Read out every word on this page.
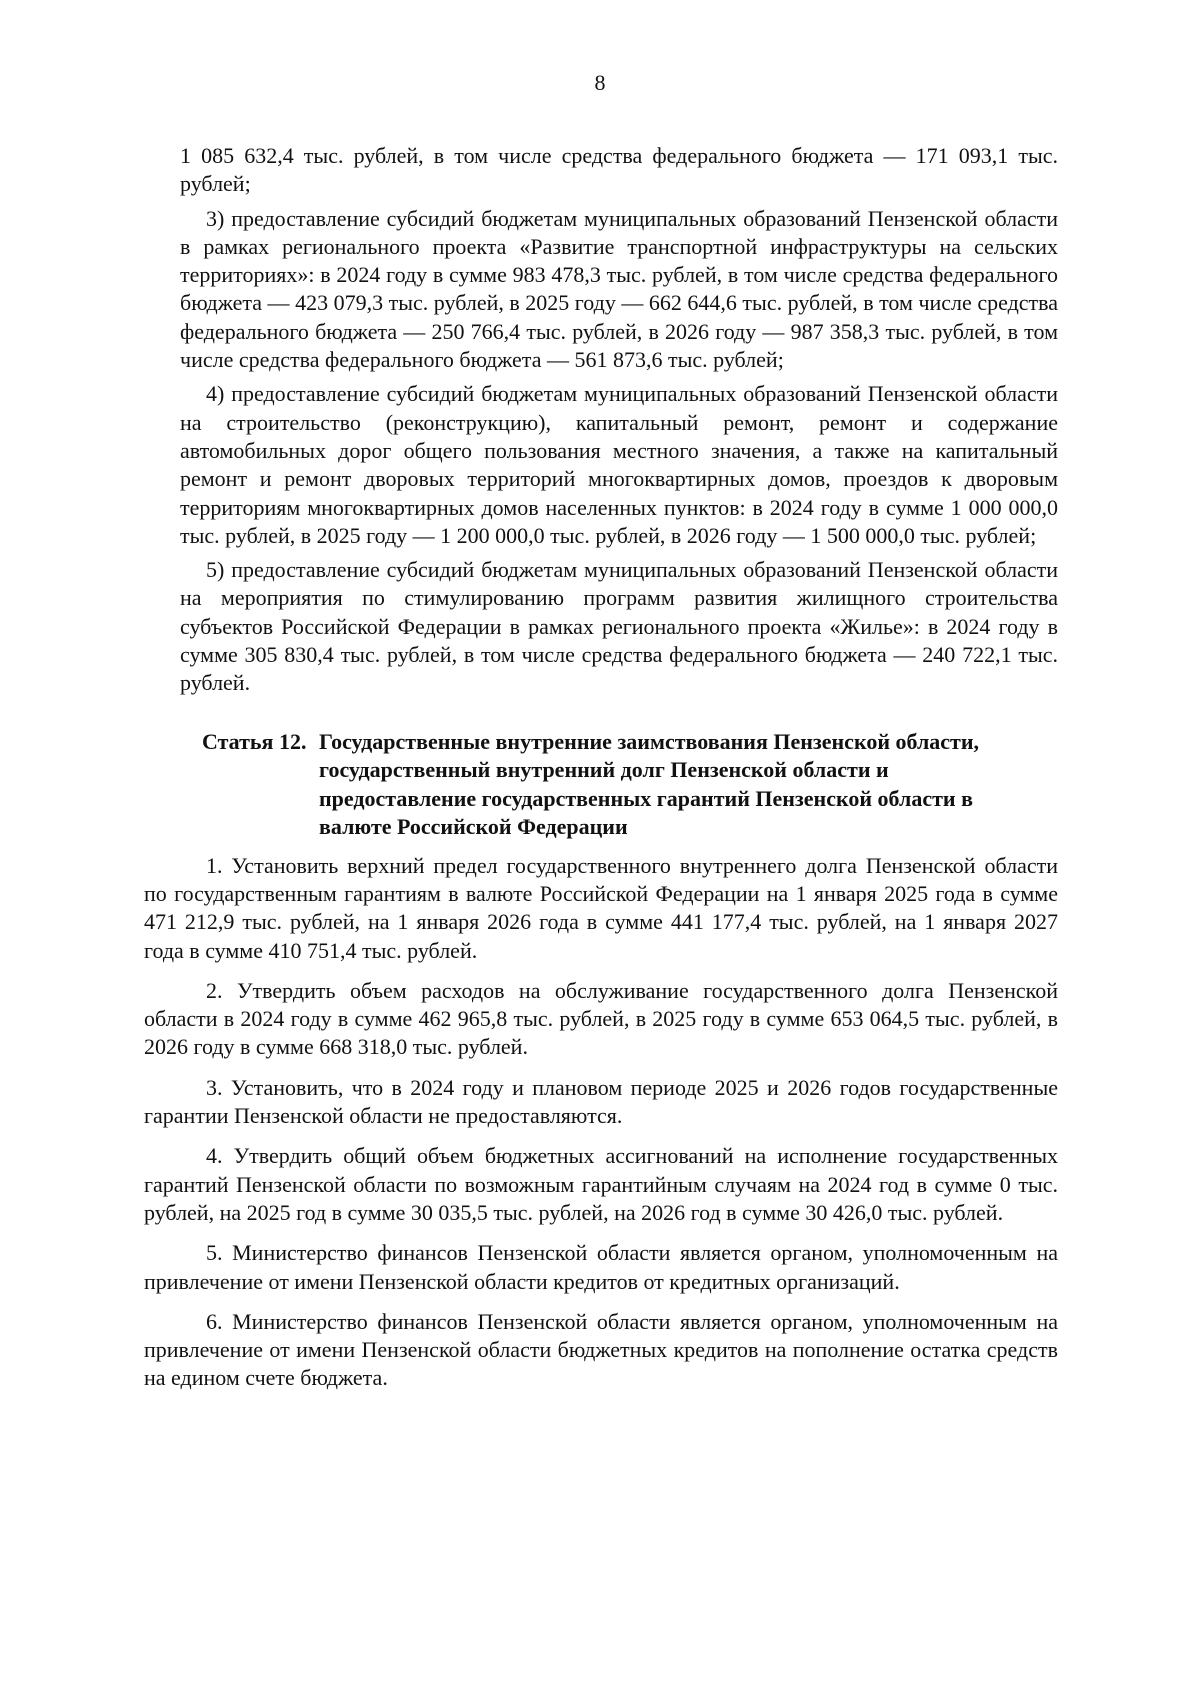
8

1 085 632,4 тыс. рублей, в том числе средства федерального бюджета — 171 093,1 тыс. рублей;

3) предоставление субсидий бюджетам муниципальных образований Пензенской области в рамках регионального проекта «Развитие транспортной инфраструктуры на сельских территориях»: в 2024 году в сумме 983 478,3 тыс. рублей, в том числе средства федерального бюджета — 423 079,3 тыс. рублей, в 2025 году — 662 644,6 тыс. рублей, в том числе средства федерального бюджета — 250 766,4 тыс. рублей, в 2026 году — 987 358,3 тыс. рублей, в том числе средства федерального бюджета — 561 873,6 тыс. рублей;

4) предоставление субсидий бюджетам муниципальных образований Пензенской области на строительство (реконструкцию), капитальный ремонт, ремонт и содержание автомобильных дорог общего пользования местного значения, а также на капитальный ремонт и ремонт дворовых территорий многоквартирных домов, проездов к дворовым территориям многоквартирных домов населенных пунктов: в 2024 году в сумме 1 000 000,0 тыс. рублей, в 2025 году — 1 200 000,0 тыс. рублей, в 2026 году — 1 500 000,0 тыс. рублей;

5) предоставление субсидий бюджетам муниципальных образований Пензенской области на мероприятия по стимулированию программ развития жилищного строительства субъектов Российской Федерации в рамках регионального проекта «Жилье»: в 2024 году в сумме 305 830,4 тыс. рублей, в том числе средства федерального бюджета — 240 722,1 тыс. рублей.

Статья 12. Государственные внутренние заимствования Пензенской области, государственный внутренний долг Пензенской области и предоставление государственных гарантий Пензенской области в валюте Российской Федерации

1. Установить верхний предел государственного внутреннего долга Пензенской области по государственным гарантиям в валюте Российской Федерации на 1 января 2025 года в сумме 471 212,9 тыс. рублей, на 1 января 2026 года в сумме 441 177,4 тыс. рублей, на 1 января 2027 года в сумме 410 751,4 тыс. рублей.

2. Утвердить объем расходов на обслуживание государственного долга Пензенской области в 2024 году в сумме 462 965,8 тыс. рублей, в 2025 году в сумме 653 064,5 тыс. рублей, в 2026 году в сумме 668 318,0 тыс. рублей.

3. Установить, что в 2024 году и плановом периоде 2025 и 2026 годов государственные гарантии Пензенской области не предоставляются.

4. Утвердить общий объем бюджетных ассигнований на исполнение государственных гарантий Пензенской области по возможным гарантийным случаям на 2024 год в сумме 0 тыс. рублей, на 2025 год в сумме 30 035,5 тыс. рублей, на 2026 год в сумме 30 426,0 тыс. рублей.

5. Министерство финансов Пензенской области является органом, уполномоченным на привлечение от имени Пензенской области кредитов от кредитных организаций.

6. Министерство финансов Пензенской области является органом, уполномоченным на привлечение от имени Пензенской области бюджетных кредитов на пополнение остатка средств на едином счете бюджета.
